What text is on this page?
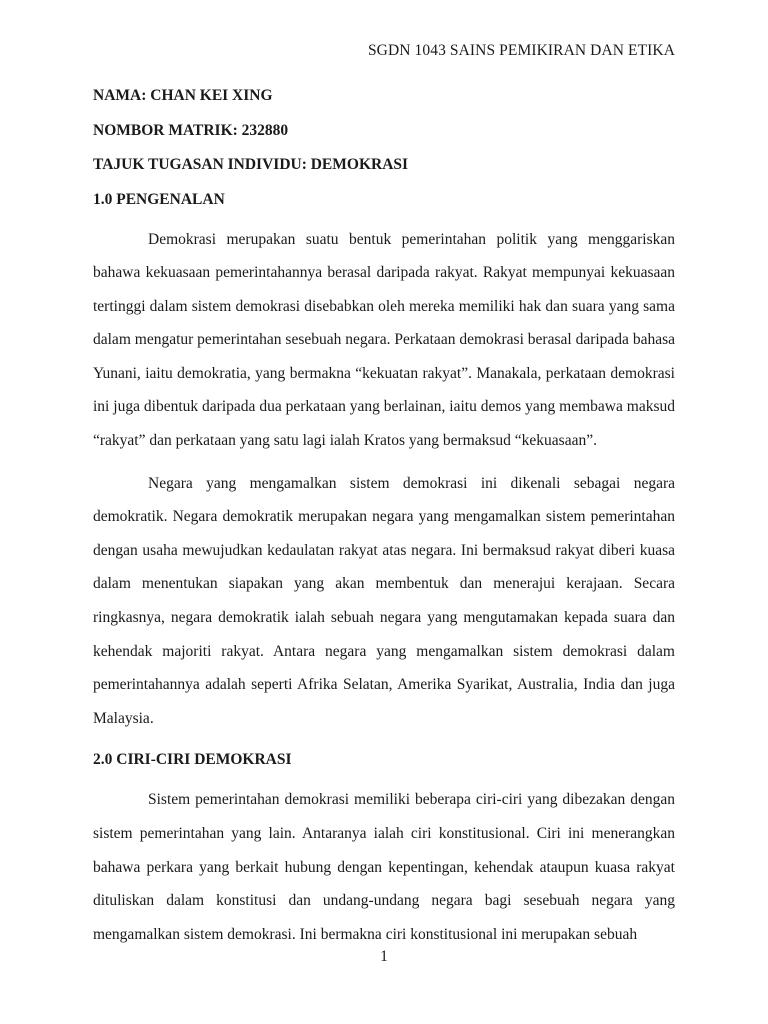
SGDN 1043 SAINS PEMIKIRAN DAN ETIKA
NAMA: CHAN KEI XING
NOMBOR MATRIK: 232880
TAJUK TUGASAN INDIVIDU: DEMOKRASI
1.0 PENGENALAN

Demokrasi merupakan suatu bentuk pemerintahan politik yang menggariskan bahawa kekuasaan pemerintahannya berasal daripada rakyat. Rakyat mempunyai kekuasaan tertinggi dalam sistem demokrasi disebabkan oleh mereka memiliki hak dan suara yang sama dalam mengatur pemerintahan sesebuah negara. Perkataan demokrasi berasal daripada bahasa Yunani, iaitu demokratia, yang bermakna “kekuatan rakyat”. Manakala, perkataan demokrasi ini juga dibentuk daripada dua perkataan yang berlainan, iaitu demos yang membawa maksud “rakyat” dan perkataan yang satu lagi ialah Kratos yang bermaksud “kekuasaan”.

Negara yang mengamalkan sistem demokrasi ini dikenali sebagai negara demokratik. Negara demokratik merupakan negara yang mengamalkan sistem pemerintahan dengan usaha mewujudkan kedaulatan rakyat atas negara. Ini bermaksud rakyat diberi kuasa dalam menentukan siapakan yang akan membentuk dan menerajui kerajaan. Secara ringkasnya, negara demokratik ialah sebuah negara yang mengutamakan kepada suara dan kehendak majoriti rakyat. Antara negara yang mengamalkan sistem demokrasi dalam pemerintahannya adalah seperti Afrika Selatan, Amerika Syarikat, Australia, India dan juga Malaysia.

2.0 CIRI-CIRI DEMOKRASI

Sistem pemerintahan demokrasi memiliki beberapa ciri-ciri yang dibezakan dengan sistem pemerintahan yang lain. Antaranya ialah ciri konstitusional. Ciri ini menerangkan bahawa perkara yang berkait hubung dengan kepentingan, kehendak ataupun kuasa rakyat dituliskan dalam konstitusi dan undang-undang negara bagi sesebuah negara yang mengamalkan sistem demokrasi. Ini bermakna ciri konstitusional ini merupakan sebuah

1
